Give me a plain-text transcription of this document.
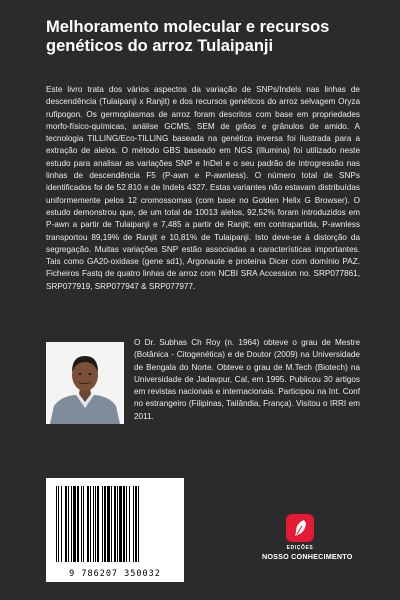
Melhoramento molecular e recursos genéticos do arroz Tulaipanji

Este livro trata dos vários aspectos da variação de SNPs/Indels nas linhas de descendência (Tulaipanji x Ranjit) e dos recursos genéticos do arroz selvagem Oryza rufipogon. Os germoplasmas de arroz foram descritos com base em propriedades morfo-físico-químicas, análise GCMS, SEM de grãos e grânulos de amido. A tecnologia TILLING/Eco-TILLING baseada na genética inversa foi ilustrada para a extração de alelos. O método GBS baseado em NGS (Illumina) foi utilizado neste estudo para analisar as variações SNP e InDel e o seu padrão de introgressão nas linhas de descendência F5 (P-awn e P-awnless). O número total de SNPs identificados foi de 52.810 e de Indels 4327. Estas variantes não estavam distribuídas uniformemente pelos 12 cromossomas (com base no Golden Helix G Browser). O estudo demonstrou que, de um total de 10013 alelos, 92,52% foram introduzidos em P-awn a partir de Tulaipanji e 7,485 a partir de Ranjit; em contrapartida, P-awnless transportou 89,19% de Ranjit e 10,81% de Tulaipanji. Isto deve-se à distorção da segregação. Muitas variações SNP estão associadas a características importantes. Tais como GA20-oxidase (gene sd1), Argonaute e proteína Dicer com domínio PAZ. Ficheiros Fastq de quatro linhas de arroz com NCBI SRA Accession no. SRP077861, SRP077919, SRP077947 & SRP077977.

O Dr. Subhas Ch Roy (n. 1964) obteve o grau de Mestre (Botânica - Citogenética) e de Doutor (2009) na Universidade de Bengala do Norte. Obteve o grau de M.Tech (Biotech) na Universidade de Jadavpur, Cal, em 1995. Publicou 30 artigos em revistas nacionais e internacionais. Participou na Int. Conf no estrangeiro (Filipinas, Tailândia, França). Visitou o IRRI em 2011.

9 786207 350032
EDIÇÕES
NOSSO CONHECIMENTO
